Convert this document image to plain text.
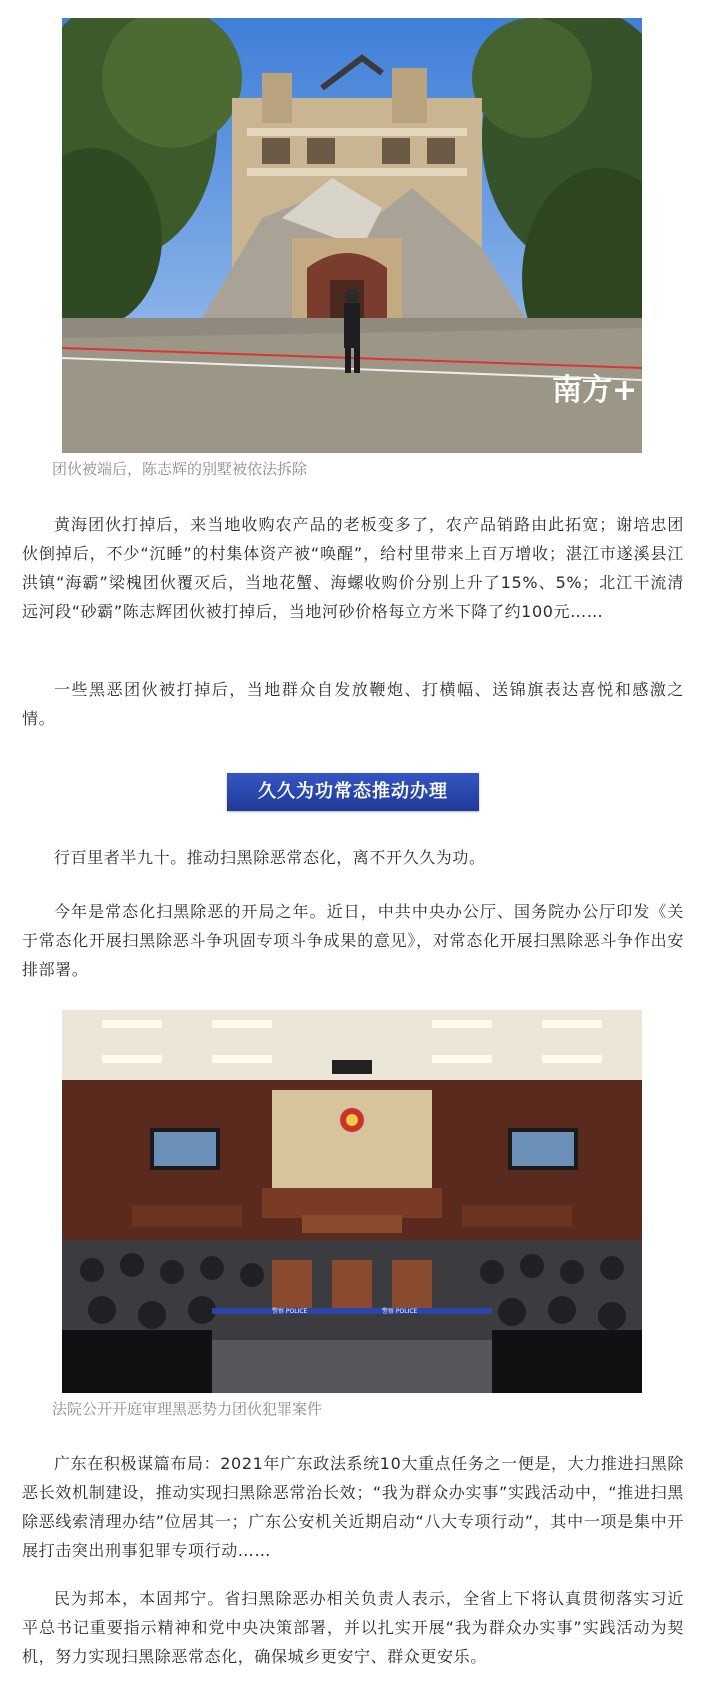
南方+

团伙被端后，陈志辉的别墅被依法拆除

黄海团伙打掉后，来当地收购农产品的老板变多了，农产品销路由此拓宽；谢培忠团伙倒掉后，不少“沉睡”的村集体资产被“唤醒”，给村里带来上百万增收；湛江市遂溪县江洪镇“海霸”梁槐团伙覆灭后，当地花蟹、海螺收购价分别上升了15%、5%；北江干流清远河段“砂霸”陈志辉团伙被打掉后，当地河砂价格每立方米下降了约100元……

一些黑恶团伙被打掉后，当地群众自发放鞭炮、打横幅、送锦旗表达喜悦和感激之情。

久久为功常态推动办理

行百里者半九十。推动扫黑除恶常态化，离不开久久为功。

今年是常态化扫黑除恶的开局之年。近日，中共中央办公厅、国务院办公厅印发《关于常态化开展扫黑除恶斗争巩固专项斗争成果的意见》，对常态化开展扫黑除恶斗争作出安排部署。

警察 POLICE	警察 POLICE

法院公开开庭审理黑恶势力团伙犯罪案件

广东在积极谋篇布局：2021年广东政法系统10大重点任务之一便是，大力推进扫黑除恶长效机制建设，推动实现扫黑除恶常治长效；“我为群众办实事”实践活动中，“推进扫黑除恶线索清理办结”位居其一；广东公安机关近期启动“八大专项行动”，其中一项是集中开展打击突出刑事犯罪专项行动……

民为邦本，本固邦宁。省扫黑除恶办相关负责人表示，全省上下将认真贯彻落实习近平总书记重要指示精神和党中央决策部署，并以扎实开展“我为群众办实事”实践活动为契机，努力实现扫黑除恶常态化，确保城乡更安宁、群众更安乐。
